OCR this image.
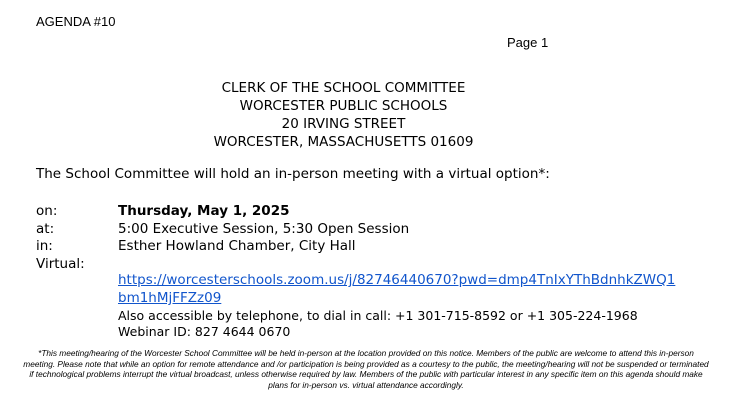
AGENDA #10
Page 1
CLERK OF THE SCHOOL COMMITTEE
WORCESTER PUBLIC SCHOOLS
20 IRVING STREET
WORCESTER, MASSACHUSETTS 01609
The School Committee will hold an in-person meeting with a virtual option*:
on:	Thursday, May 1, 2025
at:	5:00 Executive Session, 5:30 Open Session
in:	Esther Howland Chamber, City Hall
Virtual:
https://worcesterschools.zoom.us/j/82746440670?pwd=dmp4TnIxYThBdnhkZWQ1bm1hMjFFZz09
Also accessible by telephone, to dial in call: +1 301-715-8592 or +1 305-224-1968
Webinar ID: 827 4644 0670
*This meeting/hearing of the Worcester School Committee will be held in-person at the location provided on this notice. Members of the public are welcome to attend this in-person meeting. Please note that while an option for remote attendance and /or participation is being provided as a courtesy to the public, the meeting/hearing will not be suspended or terminated if technological problems interrupt the virtual broadcast, unless otherwise required by law. Members of the public with particular interest in any specific item on this agenda should make plans for in-person vs. virtual attendance accordingly.
